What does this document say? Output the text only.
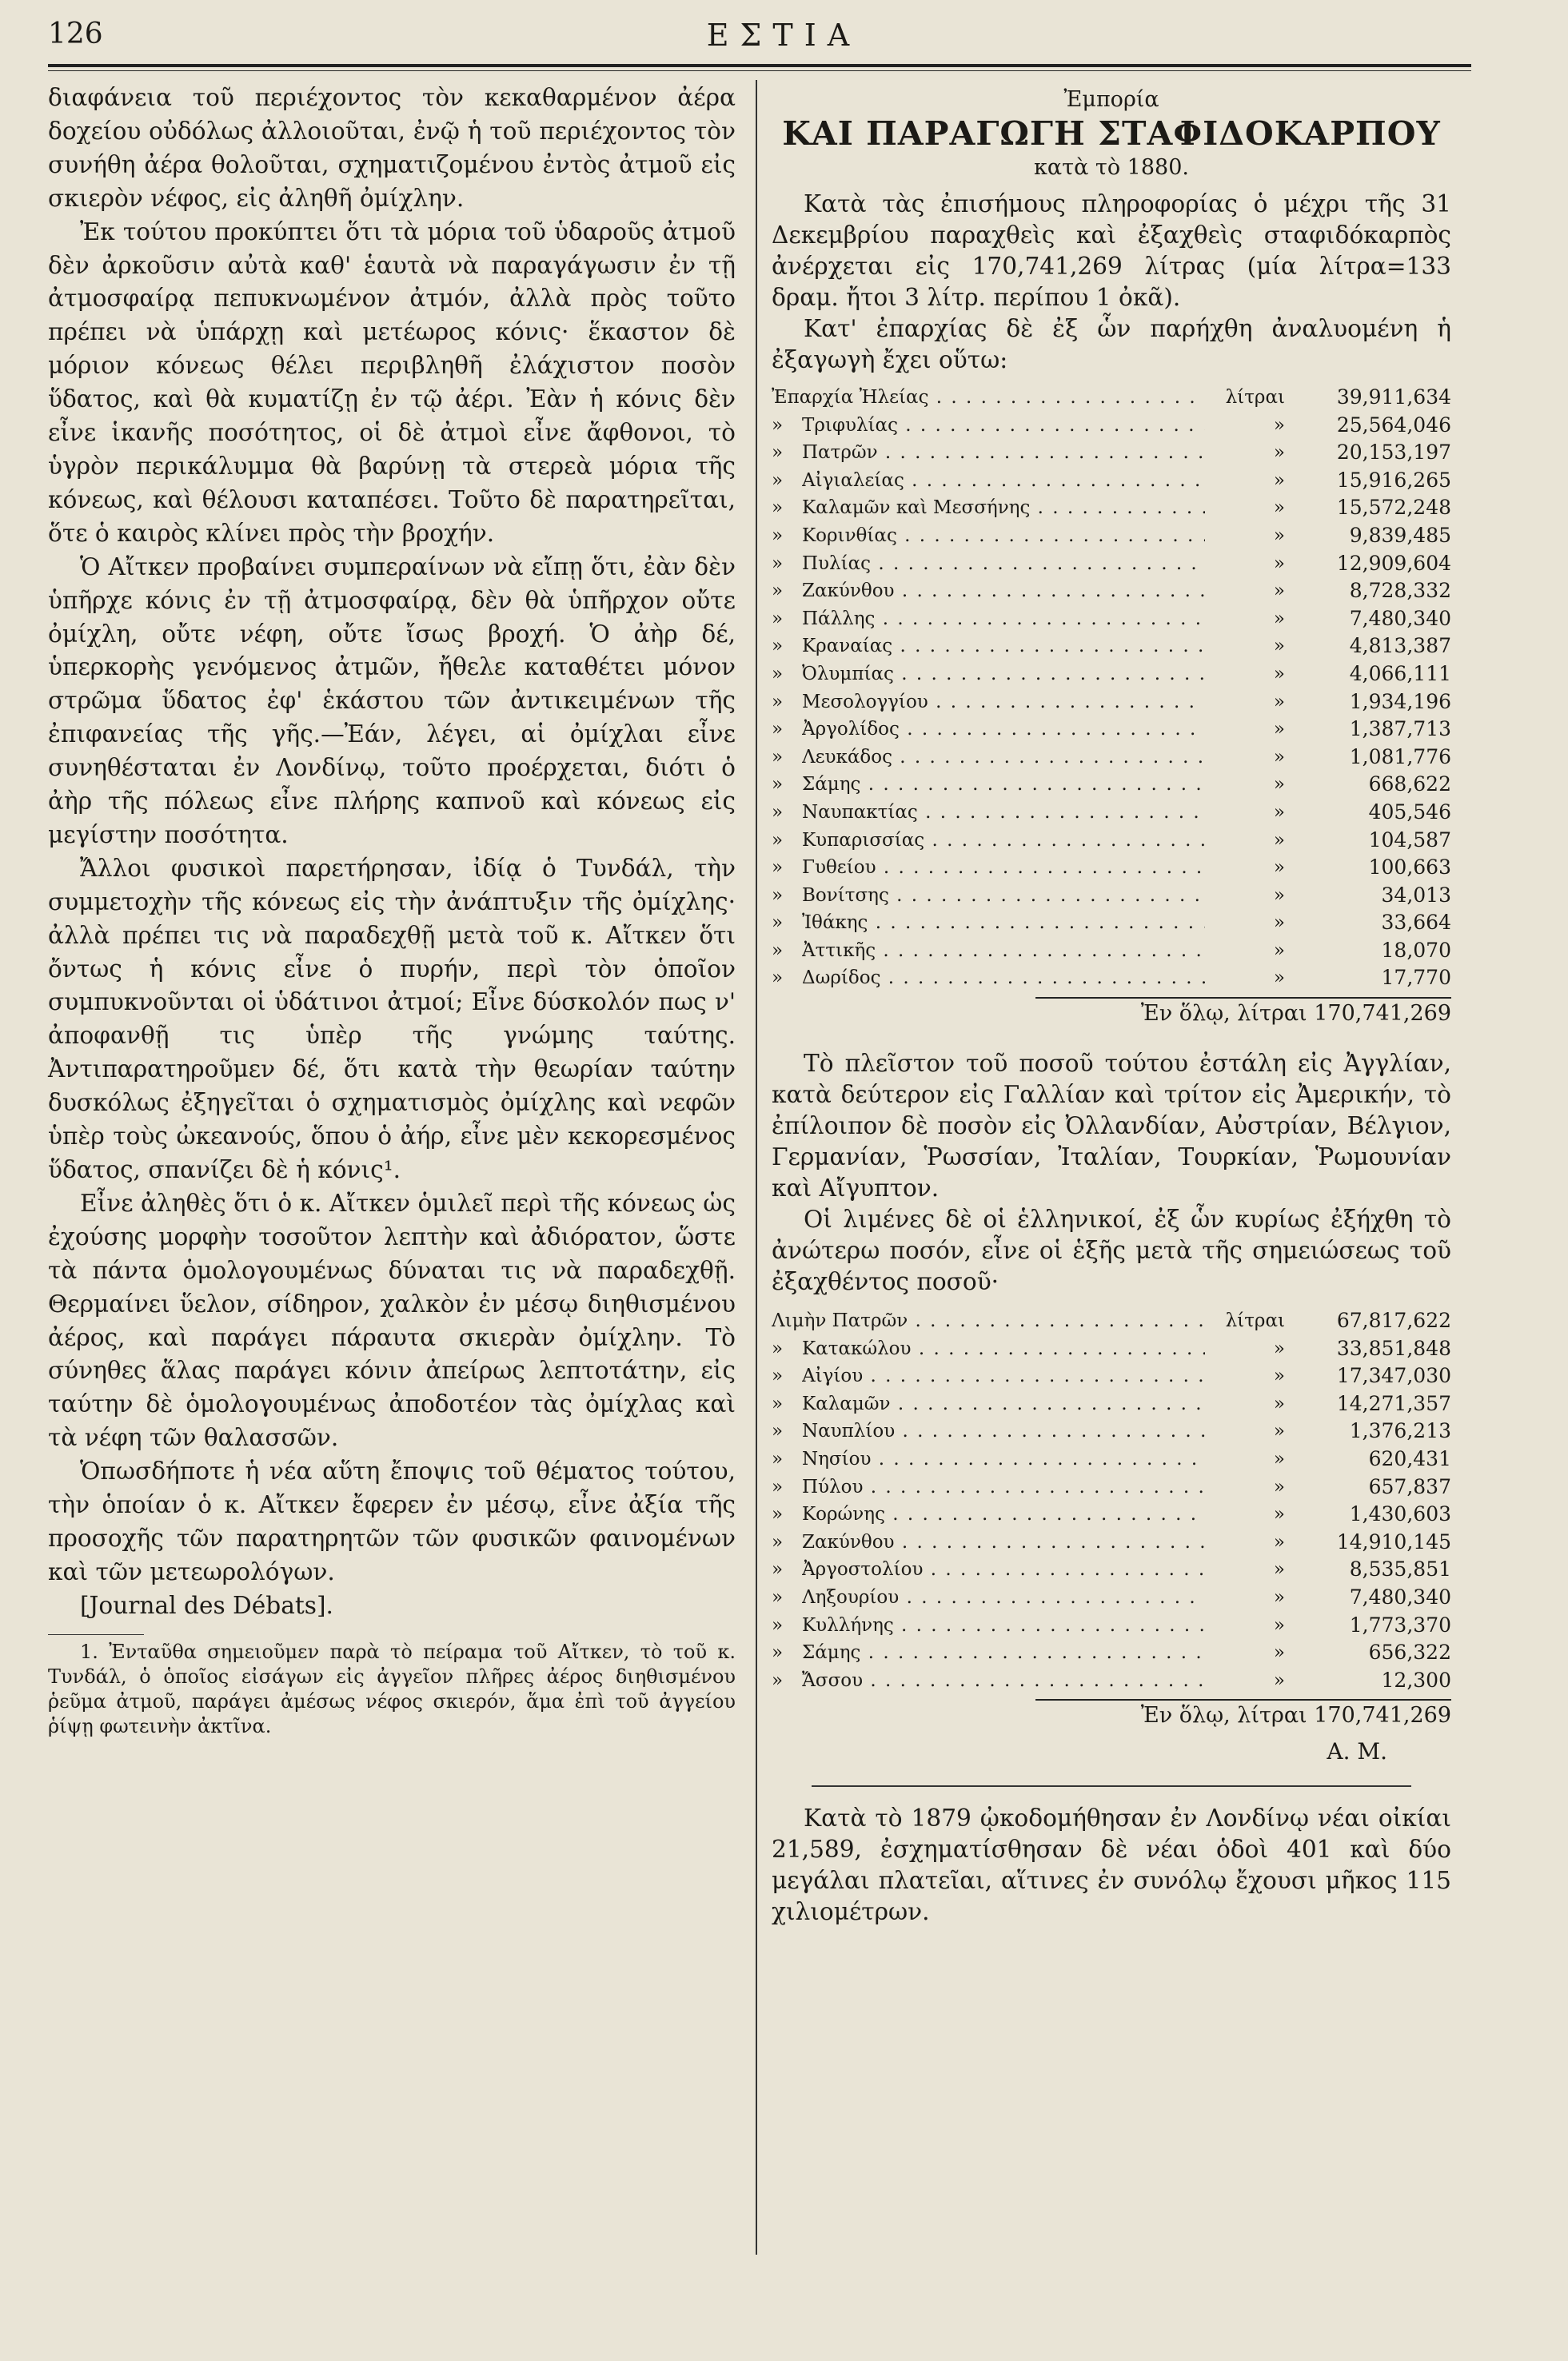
126	ΕΣΤΙΑ

διαφάνεια τοῦ περιέχοντος τὸν κεκαθαρμένον ἀέρα δοχείου οὐδόλως ἀλλοιοῦται, ἐνῷ ἡ τοῦ περιέχοντος τὸν συνήθη ἀέρα θολοῦται, σχηματιζομένου ἐντὸς ἀτμοῦ εἰς σκιερὸν νέφος, εἰς ἀληθῆ ὀμίχλην.

Ἐκ τούτου προκύπτει ὅτι τὰ μόρια τοῦ ὑδαροῦς ἀτμοῦ δὲν ἀρκοῦσιν αὐτὰ καθ' ἑαυτὰ νὰ παραγάγωσιν ἐν τῇ ἀτμοσφαίρᾳ πεπυκνωμένον ἀτμόν, ἀλλὰ πρὸς τοῦτο πρέπει νὰ ὑπάρχῃ καὶ μετέωρος κόνις· ἕκαστον δὲ μόριον κόνεως θέλει περιβληθῆ ἐλάχιστον ποσὸν ὕδατος, καὶ θὰ κυματίζῃ ἐν τῷ ἀέρι. Ἐὰν ἡ κόνις δὲν εἶνε ἱκανῆς ποσότητος, οἱ δὲ ἀτμοὶ εἶνε ἄφθονοι, τὸ ὑγρὸν περικάλυμμα θὰ βαρύνῃ τὰ στερεὰ μόρια τῆς κόνεως, καὶ θέλουσι καταπέσει. Τοῦτο δὲ παρατηρεῖται, ὅτε ὁ καιρὸς κλίνει πρὸς τὴν βροχήν.

Ὁ Αἴτκεν προβαίνει συμπεραίνων νὰ εἴπῃ ὅτι, ἐὰν δὲν ὑπῆρχε κόνις ἐν τῇ ἀτμοσφαίρᾳ, δὲν θὰ ὑπῆρχον οὔτε ὀμίχλη, οὔτε νέφη, οὔτε ἴσως βροχή. Ὁ ἀὴρ δέ, ὑπερκορὴς γενόμενος ἀτμῶν, ἤθελε καταθέτει μόνον στρῶμα ὕδατος ἐφ' ἑκάστου τῶν ἀντικειμένων τῆς ἐπιφανείας τῆς γῆς.—Ἐάν, λέγει, αἱ ὀμίχλαι εἶνε συνηθέσταται ἐν Λονδίνῳ, τοῦτο προέρχεται, διότι ὁ ἀὴρ τῆς πόλεως εἶνε πλήρης καπνοῦ καὶ κόνεως εἰς μεγίστην ποσότητα.

Ἄλλοι φυσικοὶ παρετήρησαν, ἰδίᾳ ὁ Τυνδάλ, τὴν συμμετοχὴν τῆς κόνεως εἰς τὴν ἀνάπτυξιν τῆς ὀμίχλης· ἀλλὰ πρέπει τις νὰ παραδεχθῇ μετὰ τοῦ κ. Αἴτκεν ὅτι ὄντως ἡ κόνις εἶνε ὁ πυρήν, περὶ τὸν ὁποῖον συμπυκνοῦνται οἱ ὑδάτινοι ἀτμοί; Εἶνε δύσκολόν πως ν' ἀποφανθῇ τις ὑπὲρ τῆς γνώμης ταύτης. Ἀντιπαρατηροῦμεν δέ, ὅτι κατὰ τὴν θεωρίαν ταύτην δυσκόλως ἐξηγεῖται ὁ σχηματισμὸς ὀμίχλης καὶ νεφῶν ὑπὲρ τοὺς ὠκεανούς, ὅπου ὁ ἀήρ, εἶνε μὲν κεκορεσμένος ὕδατος, σπανίζει δὲ ἡ κόνις¹.

Εἶνε ἀληθὲς ὅτι ὁ κ. Αἴτκεν ὁμιλεῖ περὶ τῆς κόνεως ὡς ἐχούσης μορφὴν τοσοῦτον λεπτὴν καὶ ἀδιόρατον, ὥστε τὰ πάντα ὁμολογουμένως δύναται τις νὰ παραδεχθῇ. Θερμαίνει ὕελον, σίδηρον, χαλκὸν ἐν μέσῳ διηθισμένου ἀέρος, καὶ παράγει πάραυτα σκιερὰν ὀμίχλην. Τὸ σύνηθες ἅλας παράγει κόνιν ἀπείρως λεπτοτάτην, εἰς ταύτην δὲ ὁμολογουμένως ἀποδοτέον τὰς ὀμίχλας καὶ τὰ νέφη τῶν θαλασσῶν.

Ὁπωσδήποτε ἡ νέα αὕτη ἔποψις τοῦ θέματος τούτου, τὴν ὁποίαν ὁ κ. Αἴτκεν ἔφερεν ἐν μέσῳ, εἶνε ἀξία τῆς προσοχῆς τῶν παρατηρητῶν τῶν φυσικῶν φαινομένων καὶ τῶν μετεωρολόγων.

[Journal des Débats].

1. Ἐνταῦθα σημειοῦμεν παρὰ τὸ πείραμα τοῦ Αἴτκεν, τὸ τοῦ κ. Τυνδάλ, ὁ ὁποῖος εἰσάγων εἰς ἀγγεῖον πλῆρες ἀέρος διηθισμένου ῥεῦμα ἀτμοῦ, παράγει ἀμέσως νέφος σκιερόν, ἅμα ἐπὶ τοῦ ἀγγείου ῥίψῃ φωτεινὴν ἀκτῖνα.

Ἐμπορία

ΚΑΙ ΠΑΡΑΓΩΓΗ ΣΤΑΦΙΔΟΚΑΡΠΟΥ

κατὰ τὸ 1880.

Κατὰ τὰς ἐπισήμους πληροφορίας ὁ μέχρι τῆς 31 Δεκεμβρίου παραχθεὶς καὶ ἐξαχθεὶς σταφιδόκαρπὸς ἀνέρχεται εἰς 170,741,269 λίτρας (μία λίτρα=133 δραμ. ἤτοι 3 λίτρ. περίπου 1 ὀκᾶ).

Κατ' ἐπαρχίας δὲ ἐξ ὧν παρήχθη ἀναλυομένη ἡ ἐξαγωγὴ ἔχει οὕτω:

Ἐπαρχία Ἠλείας . . .	λίτραι	39,911,634
»	Τριφυλίας . . .	»	25,564,046
»	Πατρῶν . . .	»	20,153,197
»	Αἰγιαλείας . . .	»	15,916,265
»	Καλαμῶν καὶ Μεσσήνης . . .	»	15,572,248
»	Κορινθίας . . .	»	9,839,485
»	Πυλίας . . .	»	12,909,604
»	Ζακύνθου . . .	»	8,728,332
»	Πάλλης . . .	»	7,480,340
»	Κραναίας . . .	»	4,813,387
»	Ὀλυμπίας . . .	»	4,066,111
»	Μεσολογγίου . . .	»	1,934,196
»	Ἀργολίδος . . .	»	1,387,713
»	Λευκάδος . . .	»	1,081,776
»	Σάμης . . .	»	668,622
»	Ναυπακτίας . . .	»	405,546
»	Κυπαρισσίας . . .	»	104,587
»	Γυθείου . . .	»	100,663
»	Βονίτσης . . .	»	34,013
»	Ἰθάκης . . .	»	33,664
»	Ἀττικῆς . . .	»	18,070
»	Δωρίδος . . .	»	17,770

Ἐν ὅλῳ, λίτραι 170,741,269

Τὸ πλεῖστον τοῦ ποσοῦ τούτου ἐστάλη εἰς Ἀγγλίαν, κατὰ δεύτερον εἰς Γαλλίαν καὶ τρίτον εἰς Ἀμερικήν, τὸ ἐπίλοιπον δὲ ποσὸν εἰς Ὀλλανδίαν, Αὐστρίαν, Βέλγιον, Γερμανίαν, Ῥωσσίαν, Ἰταλίαν, Τουρκίαν, Ῥωμουνίαν καὶ Αἴγυπτον.

Οἱ λιμένες δὲ οἱ ἑλληνικοί, ἐξ ὧν κυρίως ἐξήχθη τὸ ἀνώτερω ποσόν, εἶνε οἱ ἑξῆς μετὰ τῆς σημειώσεως τοῦ ἐξαχθέντος ποσοῦ·

Λιμὴν Πατρῶν . . .	λίτραι	67,817,622
»	Κατακώλου . . .	»	33,851,848
»	Αἰγίου . . .	»	17,347,030
»	Καλαμῶν . . .	»	14,271,357
»	Ναυπλίου . . .	»	1,376,213
»	Νησίου . . .	»	620,431
»	Πύλου . . .	»	657,837
»	Κορώνης . . .	»	1,430,603
»	Ζακύνθου . . .	»	14,910,145
»	Ἀργοστολίου . . .	»	8,535,851
»	Ληξουρίου . . .	»	7,480,340
»	Κυλλήνης . . .	»	1,773,370
»	Σάμης . . .	»	656,322
»	Ἄσσου . . .	»	12,300

Ἐν ὅλῳ, λίτραι 170,741,269

Α. Μ.

Κατὰ τὸ 1879 ᾠκοδομήθησαν ἐν Λονδίνῳ νέαι οἰκίαι 21,589, ἐσχηματίσθησαν δὲ νέαι ὁδοὶ 401 καὶ δύο μεγάλαι πλατεῖαι, αἵτινες ἐν συνόλῳ ἔχουσι μῆκος 115 χιλιομέτρων.
